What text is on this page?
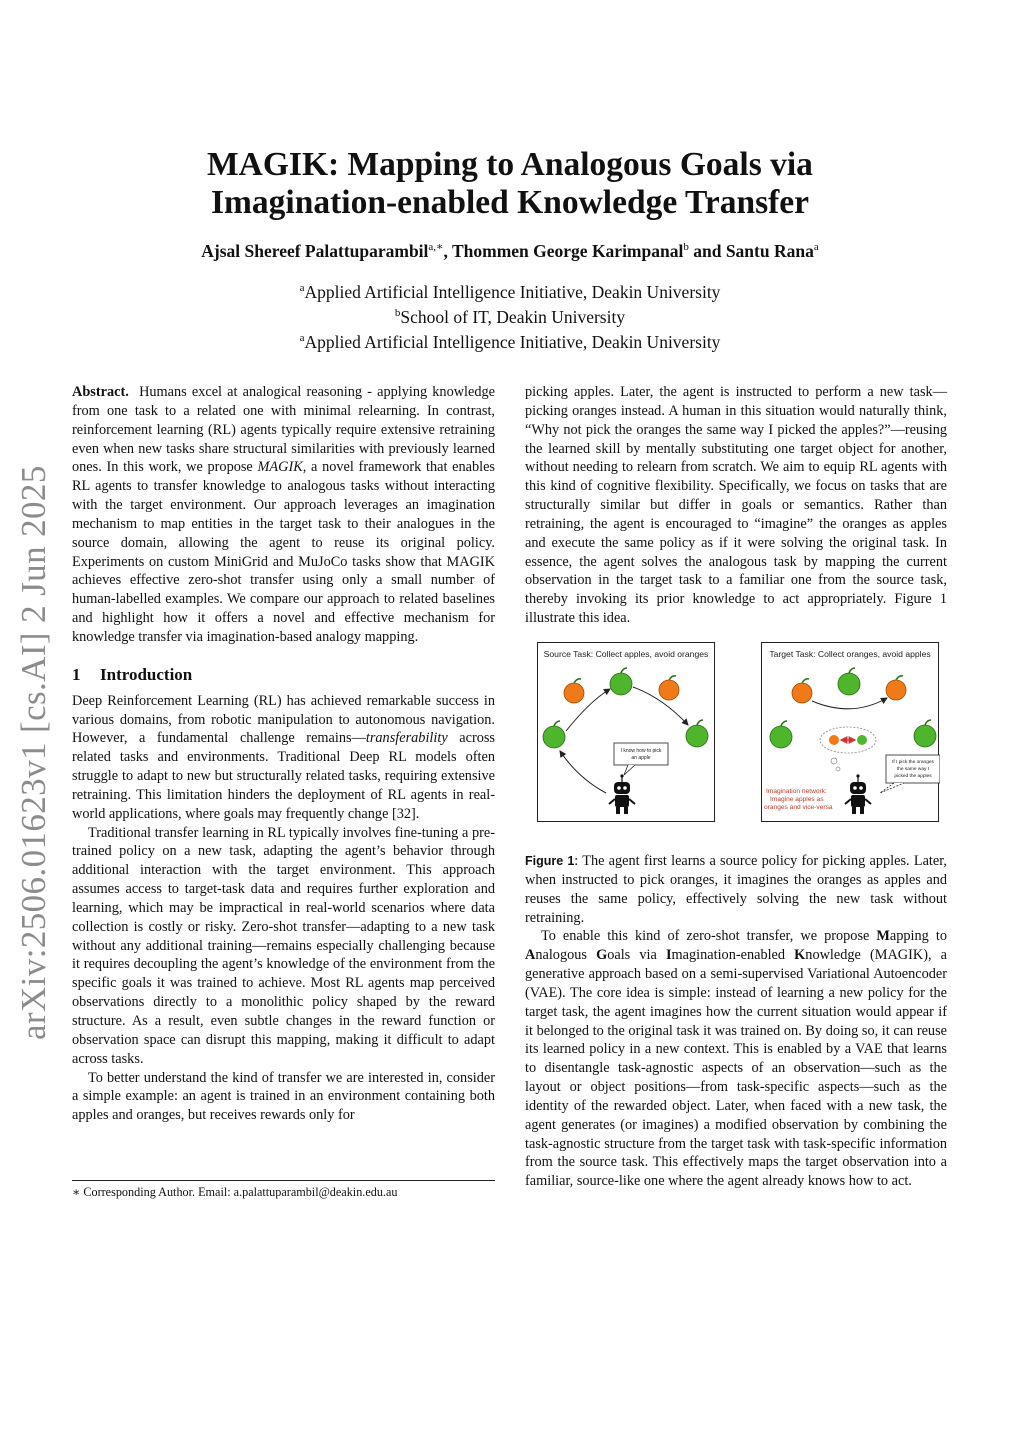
arXiv:2506.01623v1 [cs.AI] 2 Jun 2025
MAGIK: Mapping to Analogous Goals via
Imagination-enabled Knowledge Transfer
Ajsal Shereef Palattuparambil$^{a,∗}$, Thommen George Karimpanal$^b$ and Santu Rana$^a$
$^a$Applied Artificial Intelligence Initiative, Deakin University
$^b$School of IT, Deakin University
$^a$Applied Artificial Intelligence Initiative, Deakin University

Abstract. Humans excel at analogical reasoning - applying knowledge from one task to a related one with minimal relearning. In contrast, reinforcement learning (RL) agents typically require extensive retraining even when new tasks share structural similarities with previously learned ones. In this work, we propose MAGIK, a novel framework that enables RL agents to transfer knowledge to analogous tasks without interacting with the target environment. Our approach leverages an imagination mechanism to map entities in the target task to their analogues in the source domain, allowing the agent to reuse its original policy. Experiments on custom MiniGrid and MuJoCo tasks show that MAGIK achieves effective zero-shot transfer using only a small number of human-labelled examples. We compare our approach to related baselines and highlight how it offers a novel and effective mechanism for knowledge transfer via imagination-based analogy mapping.

1 Introduction

Deep Reinforcement Learning (RL) has achieved remarkable success in various domains, from robotic manipulation to autonomous navigation. However, a fundamental challenge remains—transferability across related tasks and environments. Traditional Deep RL models often struggle to adapt to new but structurally related tasks, requiring extensive retraining. This limitation hinders the deployment of RL agents in real-world applications, where goals may frequently change [32].

Traditional transfer learning in RL typically involves fine-tuning a pre-trained policy on a new task, adapting the agent’s behavior through additional interaction with the target environment. This approach assumes access to target-task data and requires further exploration and learning, which may be impractical in real-world scenarios where data collection is costly or risky. Zero-shot transfer—adapting to a new task without any additional training—remains especially challenging because it requires decoupling the agent’s knowledge of the environment from the specific goals it was trained to achieve. Most RL agents map perceived observations directly to a monolithic policy shaped by the reward structure. As a result, even subtle changes in the reward function or observation space can disrupt this mapping, making it difficult to adapt across tasks.

To better understand the kind of transfer we are interested in, consider a simple example: an agent is trained in an environment containing both apples and oranges, but receives rewards only for

∗ Corresponding Author. Email: a.palattuparambil@deakin.edu.au

picking apples. Later, the agent is instructed to perform a new task—picking oranges instead. A human in this situation would naturally think, “Why not pick the oranges the same way I picked the apples?”—reusing the learned skill by mentally substituting one target object for another, without needing to relearn from scratch. We aim to equip RL agents with this kind of cognitive flexibility. Specifically, we focus on tasks that are structurally similar but differ in goals or semantics. Rather than retraining, the agent is encouraged to “imagine” the oranges as apples and execute the same policy as if it were solving the original task. In essence, the agent solves the analogous task by mapping the current observation in the target task to a familiar one from the source task, thereby invoking its prior knowledge to act appropriately. Figure 1 illustrate this idea.

Source Task: Collect apples, avoid oranges
I know how to pick
an apple
Target Task: Collect oranges, avoid apples
If I pick the oranges
the same way I
picked the apples
Imagination network:
Imagine apples as
oranges and vice-versa

Figure 1: The agent first learns a source policy for picking apples. Later, when instructed to pick oranges, it imagines the oranges as apples and reuses the same policy, effectively solving the new task without retraining.

To enable this kind of zero-shot transfer, we propose Mapping to Analogous Goals via Imagination-enabled Knowledge (MAGIK), a generative approach based on a semi-supervised Variational Autoencoder (VAE). The core idea is simple: instead of learning a new policy for the target task, the agent imagines how the current situation would appear if it belonged to the original task it was trained on. By doing so, it can reuse its learned policy in a new context. This is enabled by a VAE that learns to disentangle task-agnostic aspects of an observation—such as the layout or object positions—from task-specific aspects—such as the identity of the rewarded object. Later, when faced with a new task, the agent generates (or imagines) a modified observation by combining the task-agnostic structure from the target task with task-specific information from the source task. This effectively maps the target observation into a familiar, source-like one where the agent already knows how to act.
